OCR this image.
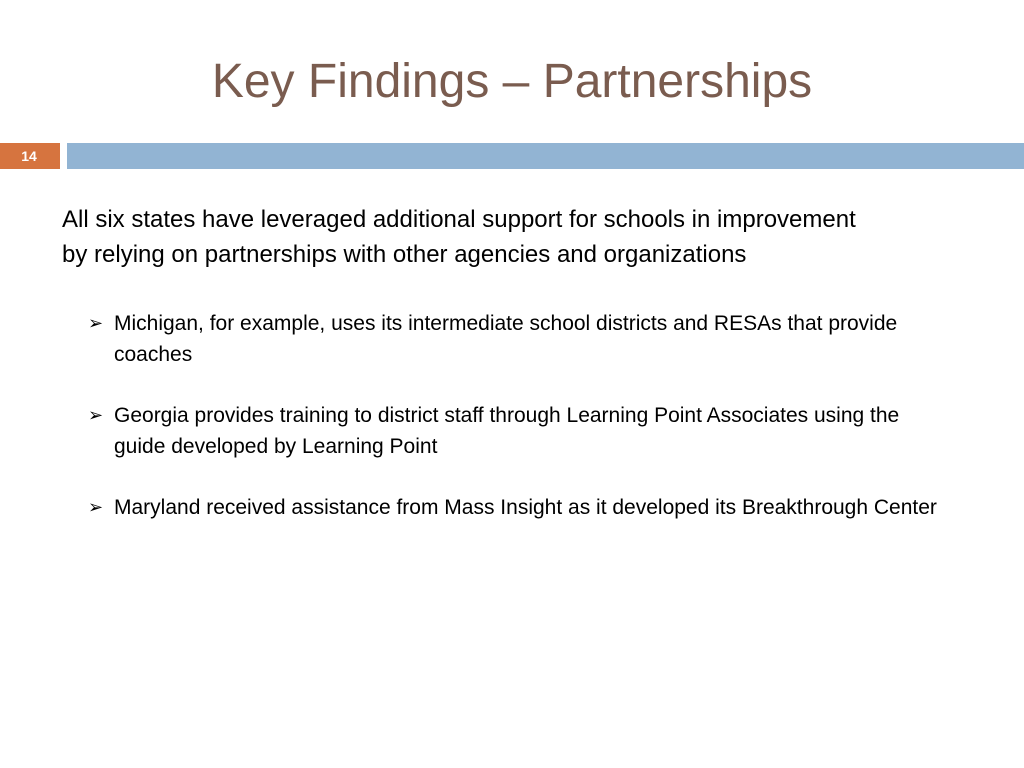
Key Findings – Partnerships
14

All six states have leveraged additional support for schools in improvement by relying on partnerships with other agencies and organizations

➢ Michigan, for example, uses its intermediate school districts and RESAs that provide coaches
➢ Georgia provides training to district staff through Learning Point Associates using the guide developed by Learning Point
➢ Maryland received assistance from Mass Insight as it developed its Breakthrough Center
